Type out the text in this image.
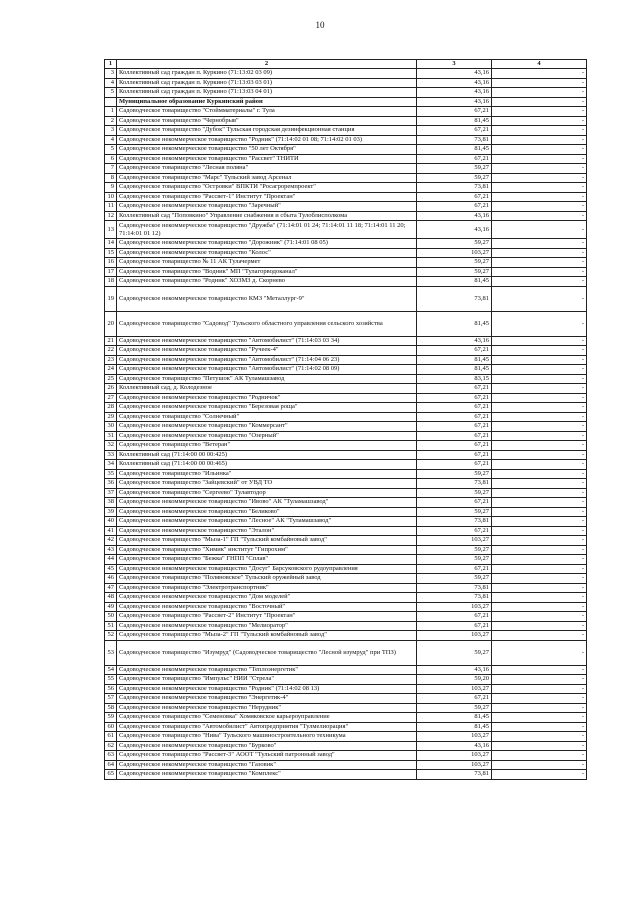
10
1	2	3	4
3	Коллективный сад граждан п. Куркино (71:13:02 03 09)	43,16	-
4	Коллективный сад граждан п. Куркино (71:13:03 03 01)	43,16	-
5	Коллективный сад граждан п. Куркино (71:13:03 04 01)	43,16	-
	Муниципальное образование Куркинский район	43,16	-
1	Садоводческое товарищество "Стоймматериалы" г. Тула	67,21	-
2	Садоводческое товарищество "Чернобрыв"	81,45	-
3	Садоводческое товарищество "Дубок" Тульская городская дезинфекционная станция	67,21	-
4	Садоводческое некоммерческое товарищество "Родник" (71:14:02 01 08; 71:14:02 01 03)	73,81	-
5	Садоводческое некоммерческое товарищество "50 лет Октября"	81,45	-
6	Садоводческое некоммерческое товарищество "Рассвет" ТНИТИ	67,21	-
7	Садоводческое товарищество "Лесная поляна"	59,27	-
8	Садоводческое товарищество "Марс" Тульский завод Арсенал	59,27	-
9	Садоводческое товарищество "Островки" ВПКТИ "Росагроремпроект"	73,81	-
10	Садоводческое товарищество "Рассвет-1" Институт "Проектан"	67,21	-
11	Садоводческое некоммерческое товарищество "Заречный"	67,21	-
12	Коллективный сад "Поповкино" Управление снабжения и сбыта Тулоблисполкома	43,16	-
13	Садоводческое некоммерческое товарищество "Дружба" (71:14:01 01 24; 71:14:01 11 18; 71:14:01 11 20; 71:14:01 01 12)	43,16	-
14	Садоводческое некоммерческое товарищество "Дорожник" (71:14:01 08 05)	59,27	-
15	Садоводческое некоммерческое товарищество "Колос"	103,27	-
16	Садоводческое товарищество № 11 АК Тулачермет	59,27	-
17	Садоводческое товарищество "Водник" МП "Тулагорводоканал"	59,27	-
18	Садоводческое товарищество "Родник" ХОЗМЗ д. Скорнево	81,45	-
19	Садоводческое некоммерческое товарищество КМЗ "Металлург-9"	73,81	-
20	Садоводческое товарищество "Садовод" Тульского областного управления сельского хозяйства	81,45	-
21	Садоводческое некоммерческое товарищество "Автомобилист" (71:14:03 03 34)	43,16	-
22	Садоводческое некоммерческое товарищество "Ручеек-4"	67,21	-
23	Садоводческое некоммерческое товарищество "Автомобилист" (71:14:04 06 23)	81,45	-
24	Садоводческое некоммерческое товарищество "Автомобилист" (71:14:02 08 09)	81,45	-
25	Садоводческое товарищество "Петушок" АК Туламашзавод	83,15	-
26	Коллективный сад, д. Колодезное	67,21	-
27	Садоводческое некоммерческое товарищество "Родничок"	67,21	-
28	Садоводческое некоммерческое товарищество "Березовая роща"	67,21	-
29	Садоводческое товарищество "Солнечный"	67,21	-
30	Садоводческое некоммерческое товарищество "Коммерсант"	67,21	-
31	Садоводческое некоммерческое товарищество "Озерный"	67,21	-
32	Садоводческое товарищество "Ветеран"	67,21	-
33	Коллективный сад (71:14:00 00 00:425)	67,21	-
34	Коллективный сад (71:14:00 00 00:465)	67,21	-
35	Садоводческое товарищество "Ильинка"	59,27	-
36	Садоводческое товарищество "Зайцевский" от УВД ТО	73,81	-
37	Садоводческое товарищество "Сергеево" Тулавтодор	59,27	-
38	Садоводческое некоммерческое товарищество "Ивово" АК "Туламашзавод"	67,21	-
39	Садоводческое некоммерческое товарищество "Беликово"	59,27	-
40	Садоводческое некоммерческое товарищество "Лесное" АК "Туламашзавод"	73,81	-
41	Садоводческое некоммерческое товарищество "Эталон"	67,21	-
42	Садоводческое товарищество "Мыза-1" ГП "Тульский комбайновый завод"	103,27	-
43	Садоводческое товарищество "Химик" институт "Гипрохим"	59,27	-
44	Садоводческое товарищество "Бежка" ГНПП "Сплав"	59,27	-
45	Садоводческое некоммерческое товарищество "Досуг" Барсуковского рудоуправления	67,21	-
46	Садоводческое товарищество "Поляновское" Тульский оружейный завод	59,27	-
47	Садоводческое товарищество "Электротранспортник"	73,81	-
48	Садоводческое некоммерческое товарищество "Дом моделей"	73,81	-
49	Садоводческое некоммерческое товарищество "Восточный"	103,27	-
50	Садоводческое товарищество "Рассвет-2" Институт "Проектан"	67,21	-
51	Садоводческое некоммерческое товарищество "Мелиоратор"	67,21	-
52	Садоводческое товарищество "Мыза-2" ГП "Тульский комбайновый завод"	103,27	-
53	Садоводческое товарищество "Изумруд" (Садоводческое товарищество "Лесной изумруд" при ТПЗ)	59,27	-
54	Садоводческое некоммерческое товарищество "Теплоэнергетик"	43,16	-
55	Садоводческое товарищество "Импульс" НИИ "Стрела"	59,20	-
56	Садоводческое некоммерческое товарищество "Родник" (71:14:02 08 13)	103,27	-
57	Садоводческое некоммерческое товарищество "Энергетик-4"	67,21	-
58	Садоводческое некоммерческое товарищество "Нерудник"	59,27	-
59	Садоводческое товарищество "Семеновка" Хомяковское карьероуправление	81,45	-
60	Садоводческое товарищество "Автомобилист" Автопредприятия "Тулмелиорация"	81,45	-
61	Садоводческое товарищество "Нива" Тульского машиностроительного техникума	103,27	-
62	Садоводческое некоммерческое товарищество "Бурково"	43,16	-
63	Садоводческое товарищество "Рассвет-3" АООТ "Тульский патронный завод"	103,27	-
64	Садоводческое некоммерческое товарищество "Газовик"	103,27	-
65	Садоводческое некоммерческое товарищество "Комплекс"	73,81	-
